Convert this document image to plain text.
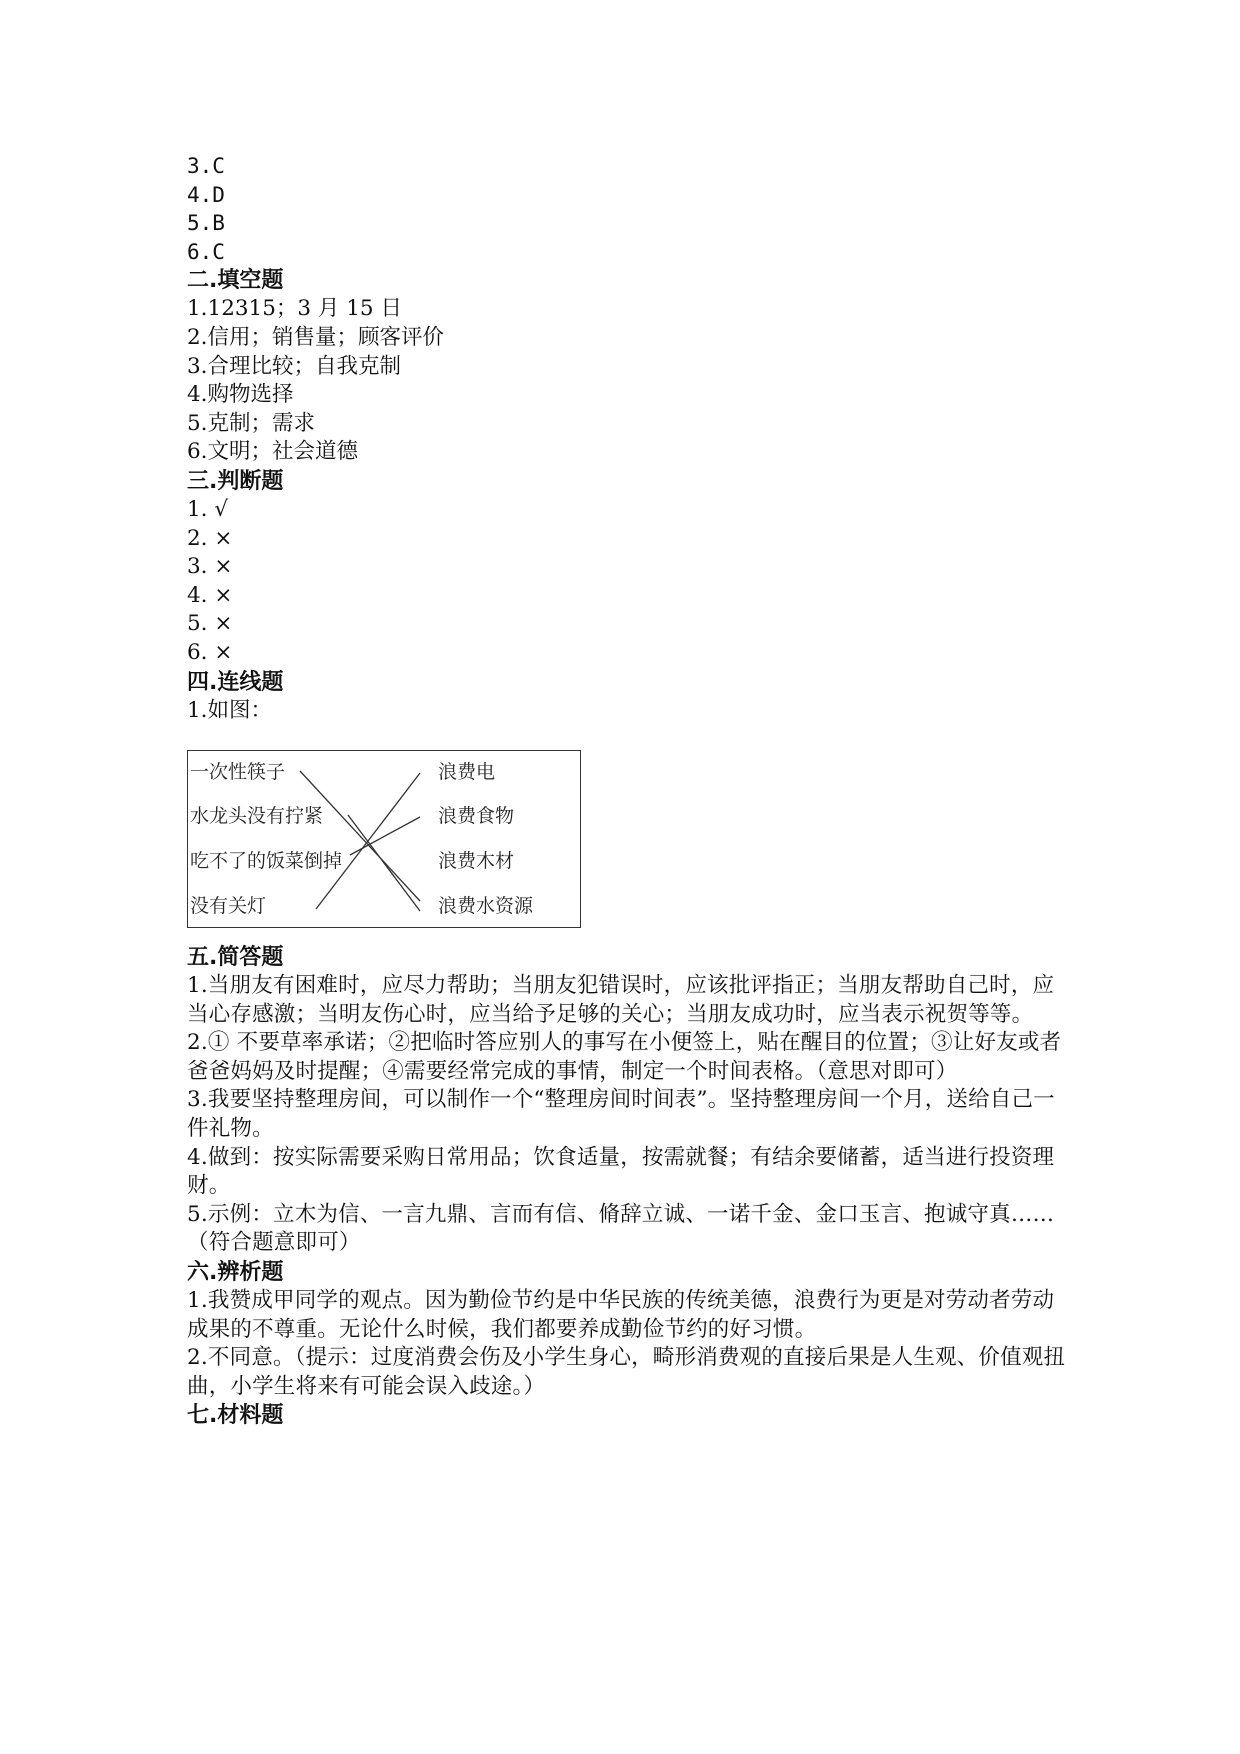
3.C
4.D
5.B
6.C
二.填空题
1.12315；3 月 15 日
2.信用；销售量；顾客评价
3.合理比较；自我克制
4.购物选择
5.克制；需求
6.文明；社会道德
三.判断题
1. √
2. ×
3. ×
4. ×
5. ×
6. ×
四.连线题
1.如图：
一次性筷子
水龙头没有拧紧
吃不了的饭菜倒掉
没有关灯
浪费电
浪费食物
浪费木材
浪费水资源
五.简答题
1.当朋友有困难时，应尽力帮助；当朋友犯错误时，应该批评指正；当朋友帮助自己时，应当心存感激；当明友伤心时，应当给予足够的关心；当朋友成功时，应当表示祝贺等等。
2.① 不要草率承诺；②把临时答应别人的事写在小便签上，贴在醒目的位置；③让好友或者爸爸妈妈及时提醒；④需要经常完成的事情，制定一个时间表格。（意思对即可）
3.我要坚持整理房间，可以制作一个“整理房间时间表”。坚持整理房间一个月，送给自己一件礼物。
4.做到：按实际需要采购日常用品；饮食适量，按需就餐；有结余要储蓄，适当进行投资理财。
5.示例：立木为信、一言九鼎、言而有信、脩辞立诚、一诺千金、金口玉言、抱诚守真……（符合题意即可）
六.辨析题
1.我赞成甲同学的观点。因为勤俭节约是中华民族的传统美德，浪费行为更是对劳动者劳动成果的不尊重。无论什么时候，我们都要养成勤俭节约的好习惯。
2.不同意。（提示：过度消费会伤及小学生身心，畸形消费观的直接后果是人生观、价值观扭曲，小学生将来有可能会误入歧途。）
七.材料题
